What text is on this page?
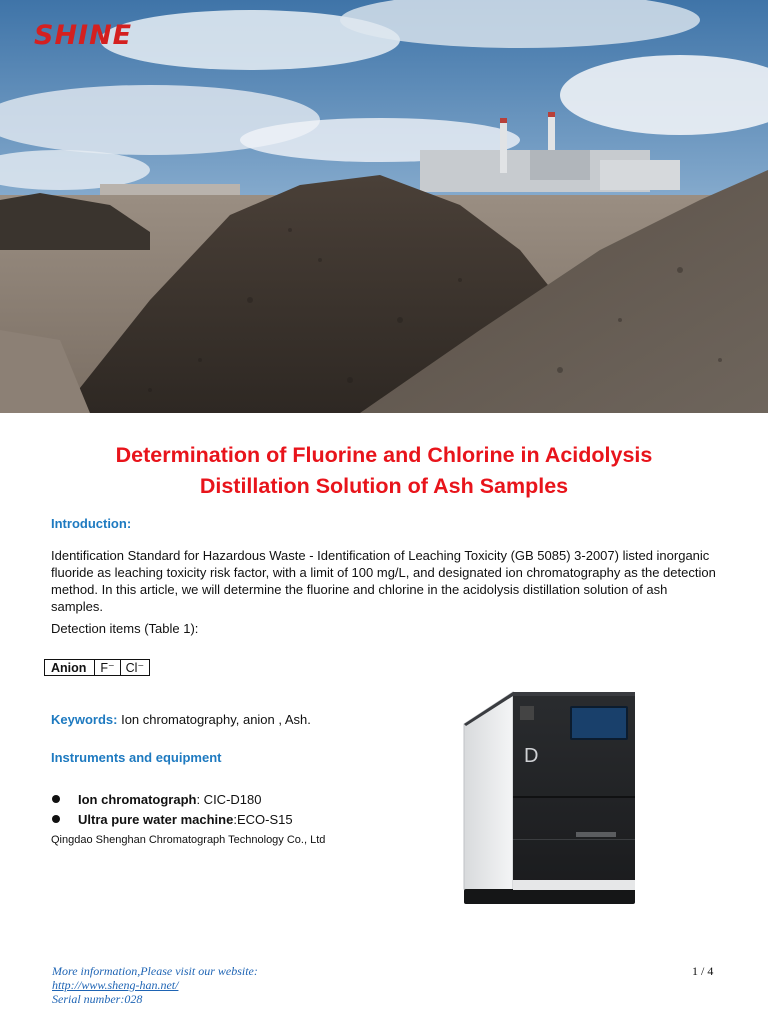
SHINE
Determination of Fluorine and Chlorine in Acidolysis
Distillation Solution of Ash Samples
Introduction:
Identification Standard for Hazardous Waste - Identification of Leaching Toxicity (GB 5085) 3-2007) listed inorganic fluoride as leaching toxicity risk factor, with a limit of 100 mg/L, and designated ion chromatography as the detection method. In this article, we will determine the fluorine and chlorine in the acidolysis distillation solution of ash samples.
Detection items (Table 1):
Anion	F⁻	Cl⁻
Keywords: Ion chromatography, anion , Ash.
Instruments and equipment
Ion chromatograph: CIC-D180
Ultra pure water machine:ECO-S15
Qingdao Shenghan Chromatograph Technology Co., Ltd
D
More information,Please visit our website:
http://www.sheng-han.net/
Serial number:028
1 / 4
